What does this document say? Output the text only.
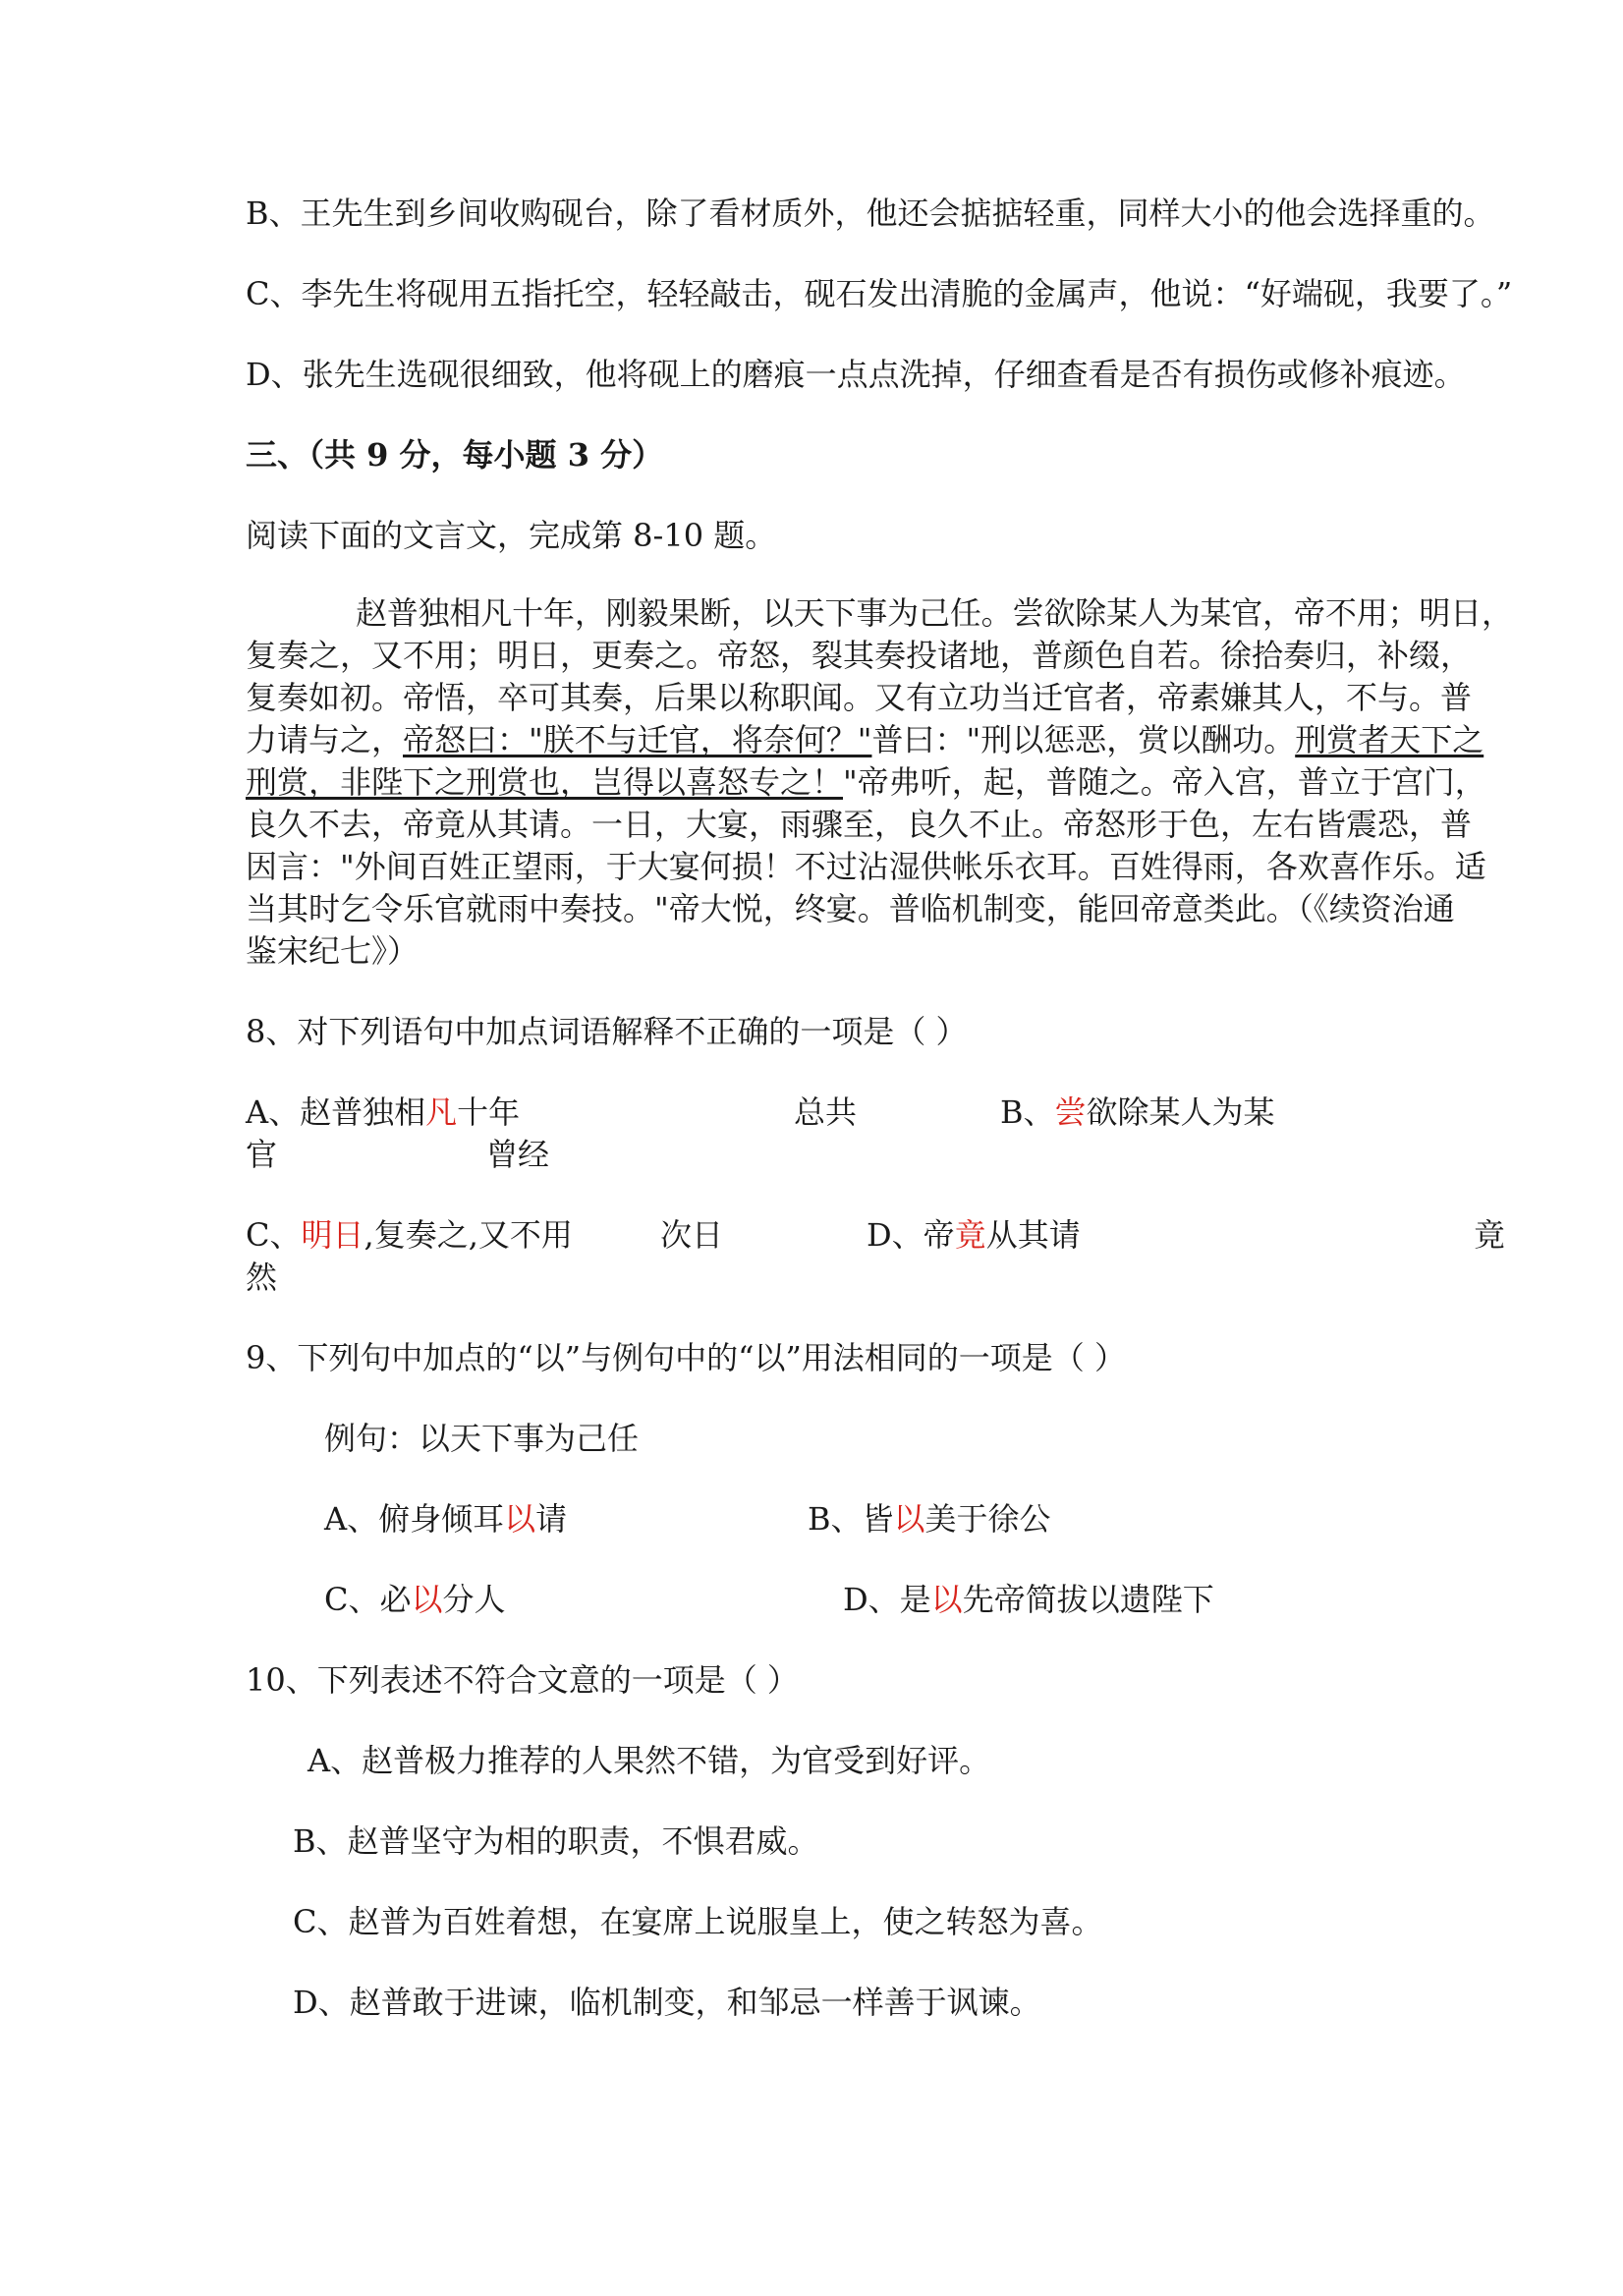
B、王先生到乡间收购砚台，除了看材质外，他还会掂掂轻重，同样大小的他会选择重的。
C、李先生将砚用五指托空，轻轻敲击，砚石发出清脆的金属声，他说：“好端砚，我要了。”
D、张先生选砚很细致，他将砚上的磨痕一点点洗掉，仔细查看是否有损伤或修补痕迹。
三、（共 9 分，每小题 3 分）
阅读下面的文言文，完成第 8-10 题。
赵普独相凡十年，刚毅果断，以天下事为己任。尝欲除某人为某官，帝不用；明日，
复奏之，又不用；明日，更奏之。帝怒，裂其奏投诸地，普颜色自若。徐拾奏归，补缀，
复奏如初。帝悟，卒可其奏，后果以称职闻。又有立功当迁官者，帝素嫌其人，不与。普
力请与之，帝怒曰："朕不与迁官，将奈何？"普曰："刑以惩恶，赏以酬功。刑赏者天下之
刑赏，非陛下之刑赏也，岂得以喜怒专之！"帝弗听，起，普随之。帝入宫，普立于宫门，
良久不去，帝竟从其请。一日，大宴，雨骤至，良久不止。帝怒形于色，左右皆震恐，普
因言："外间百姓正望雨，于大宴何损！不过沾湿供帐乐衣耳。百姓得雨，各欢喜作乐。适
当其时乞令乐官就雨中奏技。"帝大悦，终宴。普临机制变，能回帝意类此。（《续资治通
鉴宋纪七》）
8、对下列语句中加点词语解释不正确的一项是（ ）
A、赵普独相凡十年	总共	B、尝欲除某人为某
官	曾经
C、明日,复奏之,又不用	次日	D、帝竟从其请	竟
然
9、下列句中加点的“以”与例句中的“以”用法相同的一项是（ ）
例句：以天下事为己任
A、俯身倾耳以请	B、皆以美于徐公
C、必以分人	D、是以先帝简拔以遗陛下
10、下列表述不符合文意的一项是（ ）
A、赵普极力推荐的人果然不错，为官受到好评。
B、赵普坚守为相的职责，不惧君威。
C、赵普为百姓着想，在宴席上说服皇上，使之转怒为喜。
D、赵普敢于进谏，临机制变，和邹忌一样善于讽谏。
